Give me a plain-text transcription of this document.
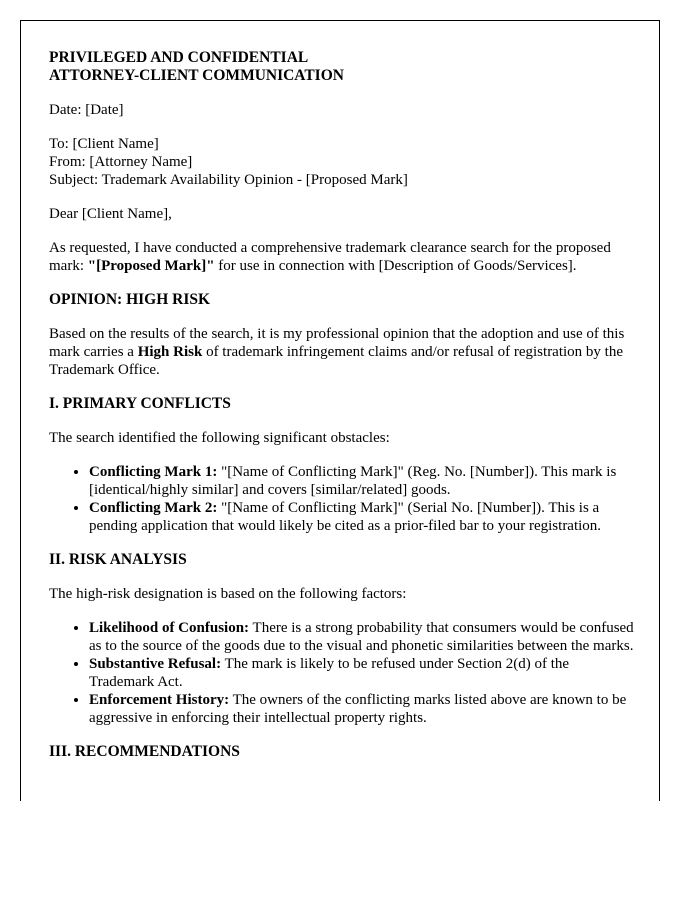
PRIVILEGED AND CONFIDENTIAL

ATTORNEY-CLIENT COMMUNICATION

Date: [Date]

To: [Client Name]

From: [Attorney Name]

Subject: Trademark Availability Opinion - [Proposed Mark]

Dear [Client Name],

As requested, I have conducted a comprehensive trademark clearance search for the proposed mark: "[Proposed Mark]" for use in connection with [Description of Goods/Services].

OPINION: HIGH RISK

Based on the results of the search, it is my professional opinion that the adoption and use of this mark carries a High Risk of trademark infringement claims and/or refusal of registration by the Trademark Office.

I. PRIMARY CONFLICTS

The search identified the following significant obstacles:

• Conflicting Mark 1: "[Name of Conflicting Mark]" (Reg. No. [Number]). This mark is [identical/highly similar] and covers [similar/related] goods.
• Conflicting Mark 2: "[Name of Conflicting Mark]" (Serial No. [Number]). This is a pending application that would likely be cited as a prior-filed bar to your registration.

II. RISK ANALYSIS

The high-risk designation is based on the following factors:

• Likelihood of Confusion: There is a strong probability that consumers would be confused as to the source of the goods due to the visual and phonetic similarities between the marks.
• Substantive Refusal: The mark is likely to be refused under Section 2(d) of the Trademark Act.
• Enforcement History: The owners of the conflicting marks listed above are known to be aggressive in enforcing their intellectual property rights.

III. RECOMMENDATIONS
